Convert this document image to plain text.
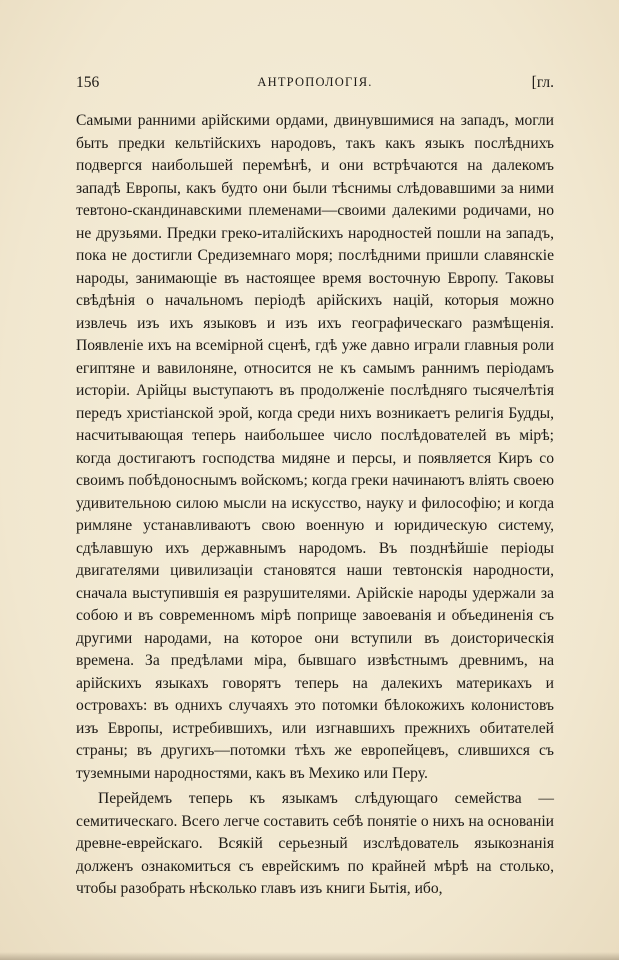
156	АНТРОПОЛОГІЯ.	[гл.

Самыми ранними арійскими ордами, двинувшимися на западъ, могли быть предки кельтійскихъ народовъ, такъ какъ языкъ послѣднихъ подвергся наибольшей перемѣнѣ, и они встрѣчаются на далекомъ западѣ Европы, какъ будто они были тѣснимы слѣдовавшими за ними тевтоно-скандинавскими племенами—своими далекими родичами, но не друзьями. Предки греко-италійскихъ народностей пошли на западъ, пока не достигли Средиземнаго моря; послѣдними пришли славянскіе народы, занимающіе въ настоящее время восточную Европу. Таковы свѣдѣнія о начальномъ періодѣ арійскихъ націй, которыя можно извлечь изъ ихъ языковъ и изъ ихъ географическаго размѣщенія. Появленіе ихъ на всемірной сценѣ, гдѣ уже давно играли главныя роли египтяне и вавилоняне, относится не къ самымъ раннимъ періодамъ исторіи. Арійцы выступаютъ въ продолженіе послѣдняго тысячелѣтія передъ христіанской эрой, когда среди нихъ возникаетъ религія Будды, насчитывающая теперь наибольшее число послѣдователей въ мірѣ; когда достигаютъ господства мидяне и персы, и появляется Киръ со своимъ побѣдоноснымъ войскомъ; когда греки начинаютъ вліять своею удивительною силою мысли на искусство, науку и философію; и когда римляне устанавливаютъ свою военную и юридическую систему, сдѣлавшую ихъ державнымъ народомъ. Въ позднѣйшіе періоды двигателями цивилизаціи становятся наши тевтонскія народности, сначала выступившія ея разрушителями. Арійскіе народы удержали за собою и въ современномъ мірѣ поприще завоеванія и объединенія съ другими народами, на которое они вступили въ доисторическія времена. За предѣлами міра, бывшаго извѣстнымъ древнимъ, на арійскихъ языкахъ говорятъ теперь на далекихъ материкахъ и островахъ: въ однихъ случаяхъ это потомки бѣлокожихъ колонистовъ изъ Европы, истребившихъ, или изгнавшихъ прежнихъ обитателей страны; въ другихъ—потомки тѣхъ же европейцевъ, слившихся съ туземными народностями, какъ въ Мехико или Перу.

Перейдемъ теперь къ языкамъ слѣдующаго семейства — семитическаго. Всего легче составить себѣ понятіе о нихъ на основаніи древне-еврейскаго. Всякій серьезный изслѣдователь языкознанія долженъ ознакомиться съ еврейскимъ по крайней мѣрѣ на столько, чтобы разобрать нѣсколько главъ изъ книги Бытія, ибо,
